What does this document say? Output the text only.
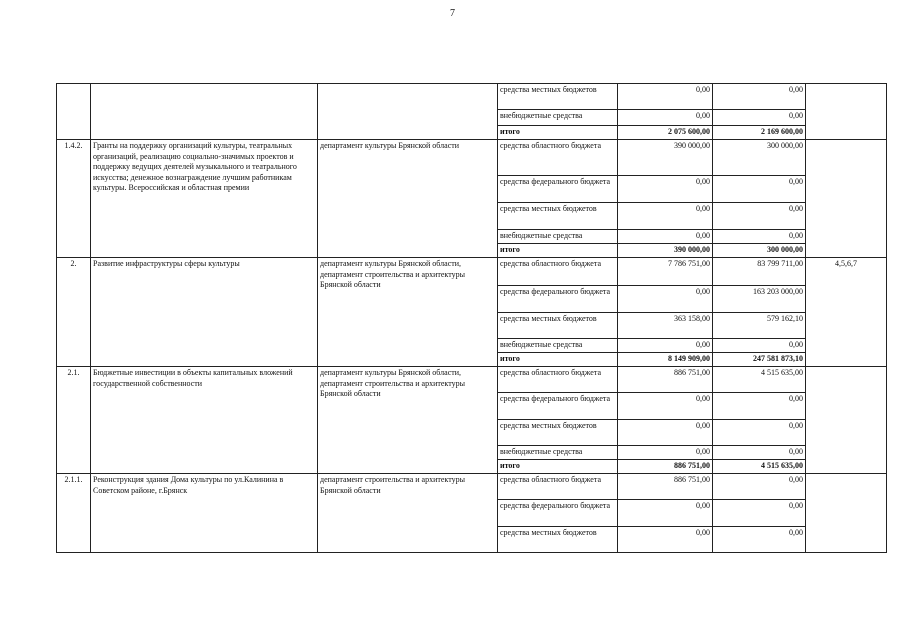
7
			средства местных бюджетов	0,00	0,00	
			внебюджетные средства	0,00	0,00	
			итого	2 075 600,00	2 169 600,00	
1.4.2.	Гранты на поддержку организаций культуры, театральных организаций, реализацию социально-значимых проектов и поддержку ведущих деятелей музыкального и театрального искусства; денежное вознаграждение лучшим работникам культуры. Всероссийская и областная премии	департамент культуры Брянской области	средства областного бюджета	390 000,00	300 000,00	
			средства федерального бюджета	0,00	0,00	
			средства местных бюджетов	0,00	0,00	
			внебюджетные средства	0,00	0,00	
			итого	390 000,00	300 000,00	
2.	Развитие инфраструктуры сферы культуры	департамент культуры Брянской области, департамент строительства и архитектуры Брянской области	средства областного бюджета	7 786 751,00	83 799 711,00	4,5,6,7
			средства федерального бюджета	0,00	163 203 000,00	
			средства местных бюджетов	363 158,00	579 162,10	
			внебюджетные средства	0,00	0,00	
			итого	8 149 909,00	247 581 873,10	
2.1.	Бюджетные инвестиции в объекты капитальных вложений государственной собственности	департамент культуры Брянской области, департамент строительства и архитектуры Брянской области	средства областного бюджета	886 751,00	4 515 635,00	
			средства федерального бюджета	0,00	0,00	
			средства местных бюджетов	0,00	0,00	
			внебюджетные средства	0,00	0,00	
			итого	886 751,00	4 515 635,00	
2.1.1.	Реконструкция здания Дома культуры по ул.Калинина в Советском районе, г.Брянск	департамент строительства и архитектуры Брянской области	средства областного бюджета	886 751,00	0,00	
			средства федерального бюджета	0,00	0,00	
			средства местных бюджетов	0,00	0,00	
